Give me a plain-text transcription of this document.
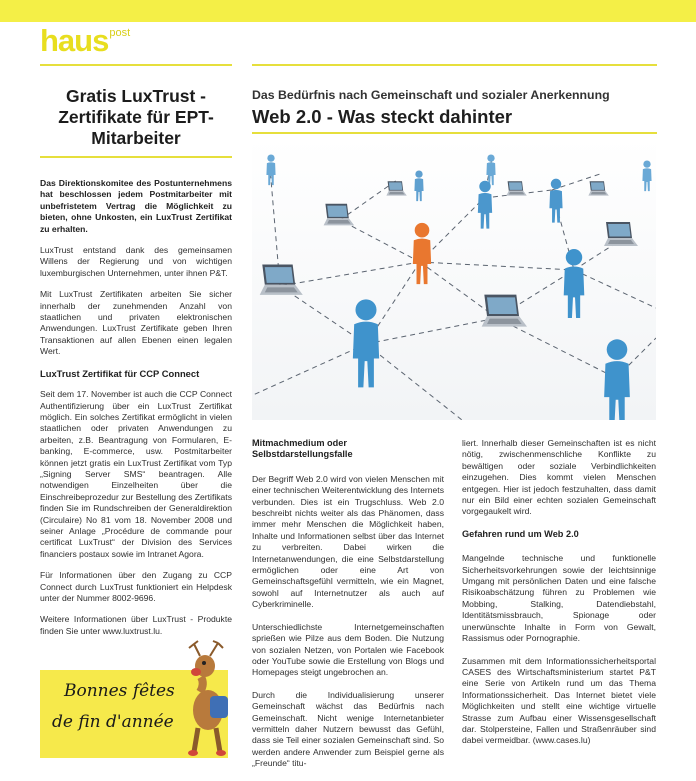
haus post
Gratis LuxTrust - Zertifikate für EPT-Mitarbeiter
Das Direktionskomitee des Postunternehmens hat beschlossen jedem Postmitarbeiter mit unbefristetem Vertrag die Möglichkeit zu bieten, ohne Unkosten, ein LuxTrust Zertifikat zu erhalten.

LuxTrust entstand dank des gemeinsamen Willens der Regierung und von wichtigen luxemburgischen Unternehmen, unter ihnen P&T.

Mit LuxTrust Zertifikaten arbeiten Sie sicher innerhalb der zunehmenden Anzahl von staatlichen und privaten elektronischen Anwendungen. LuxTrust Zertifikate geben Ihren Transaktionen auf allen Ebenen einen legalen Wert.

LuxTrust Zertifikat für CCP Connect

Seit dem 17. November ist auch die CCP Connect Authentifizierung über ein LuxTrust Zertifikat möglich. Ein solches Zertifikat ermöglicht in vielen staatlichen oder privaten Anwendungen zu arbeiten, z.B. Beantragung von Formularen, E-banking, E-commerce, usw. Postmitarbeiter können jetzt gratis ein LuxTrust Zertifikat vom Typ „Signing Server SMS“ beantragen. Alle notwendigen Einzelheiten über die Einschreibeprozedur zur Bestellung des Zertifikats finden Sie im Rundschreiben der Generaldirektion (Circulaire) No 81 vom 18. November 2008 und seiner Anlage „Procédure de commande pour certificat LuxTrust“ der Division des Services financiers postaux sowie im Intranet Agora.

Für Informationen über den Zugang zu CCP Connect durch LuxTrust funktioniert ein Helpdesk unter der Nummer 8002-9696.

Weitere Informationen über LuxTrust - Produkte finden Sie unter www.luxtrust.lu.

Bonnes fêtes
de fin d'année
Das Bedürfnis nach Gemeinschaft und sozialer Anerkennung
Web 2.0 - Was steckt dahinter
Mitmachmedium oder Selbstdarstellungsfalle

Der Begriff Web 2.0 wird von vielen Menschen mit einer technischen Weiterentwicklung des Internets verbunden. Dies ist ein Trugschluss. Web 2.0 beschreibt nichts weiter als das Phänomen, dass immer mehr Menschen die Möglichkeit haben, Inhalte und Informationen selbst über das Internet zu verbreiten. Dabei wirken die Internetanwendungen, die eine Selbstdarstellung ermöglichen oder eine Art von Gemeinschaftsgefühl vermitteln, wie ein Magnet, sowohl auf Internetnutzer als auch auf Cyberkriminelle.

Unterschiedlichste Internetgemeinschaften sprießen wie Pilze aus dem Boden. Die Nutzung von sozialen Netzen, von Portalen wie Facebook oder YouTube sowie die Erstellung von Blogs und Homepages steigt ungebrochen an.

Durch die Individualisierung unserer Gemeinschaft wächst das Bedürfnis nach Gemeinschaft. Nicht wenige Internetanbieter vermitteln daher Nutzern bewusst das Gefühl, dass sie Teil einer sozialen Gemeinschaft sind. So werden andere Anwender zum Beispiel gerne als „Freunde“ titu-

liert. Innerhalb dieser Gemeinschaften ist es nicht nötig, zwischenmenschliche Konflikte zu bewältigen oder soziale Verbindlichkeiten einzugehen. Dies kommt vielen Menschen entgegen. Hier ist jedoch festzuhalten, dass damit nur ein Bild einer echten sozialen Gemeinschaft vorgegaukelt wird.

Gefahren rund um Web 2.0

Mangelnde technische und funktionelle Sicherheitsvorkehrungen sowie der leichtsinnige Umgang mit persönlichen Daten und eine falsche Risikoabschätzung führen zu Problemen wie Mobbing, Stalking, Datendiebstahl, Identitätsmissbrauch, Spionage oder unerwünschte Inhalte in Form von Gewalt, Rassismus oder Pornographie.

Zusammen mit dem Informationssicherheitsportal CASES des Wirtschaftsministerium startet P&T eine Serie von Artikeln rund um das Thema Informationssicherheit. Das Internet bietet viele Möglichkeiten und stellt eine wichtige virtuelle Strasse zum Aufbau einer Wissensgesellschaft dar. Stolpersteine, Fallen und Straßenräuber sind dabei vermeidbar. (www.cases.lu)
